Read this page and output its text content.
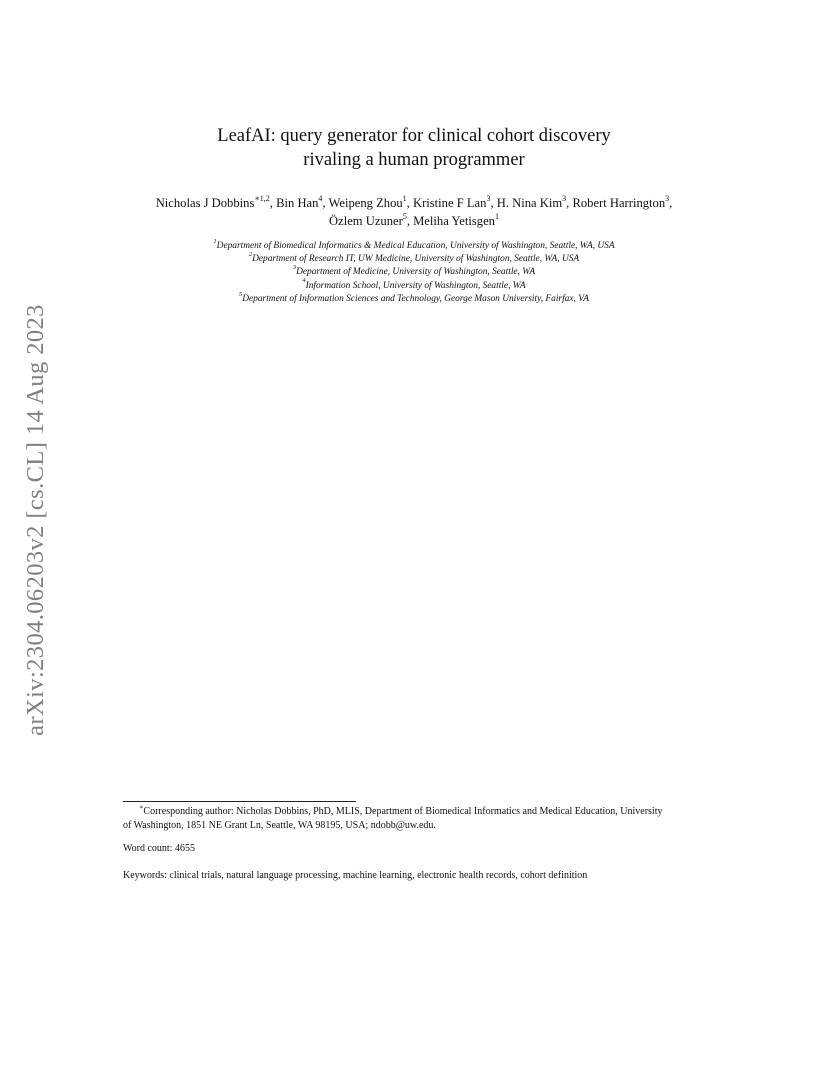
arXiv:2304.06203v2 [cs.CL] 14 Aug 2023
LeafAI: query generator for clinical cohort discovery
rivaling a human programmer
Nicholas J Dobbins$^{∗1,2}$, Bin Han$^4$, Weipeng Zhou$^1$, Kristine F Lan$^3$, H. Nina Kim$^3$, Robert Harrington$^3$,
Özlem Uzuner$^5$, Meliha Yetisgen$^1$
$^1$Department of Biomedical Informatics & Medical Education, University of Washington, Seattle, WA, USA
$^2$Department of Research IT, UW Medicine, University of Washington, Seattle, WA, USA
$^3$Department of Medicine, University of Washington, Seattle, WA
$^4$Information School, University of Washington, Seattle, WA
$^5$Department of Information Sciences and Technology, George Mason University, Fairfax, VA
∗Corresponding author: Nicholas Dobbins, PhD, MLIS, Department of Biomedical Informatics and Medical Education, University
of Washington, 1851 NE Grant Ln, Seattle, WA 98195, USA; ndobb@uw.edu.
Word count: 4655
Keywords: clinical trials, natural language processing, machine learning, electronic health records, cohort definition
